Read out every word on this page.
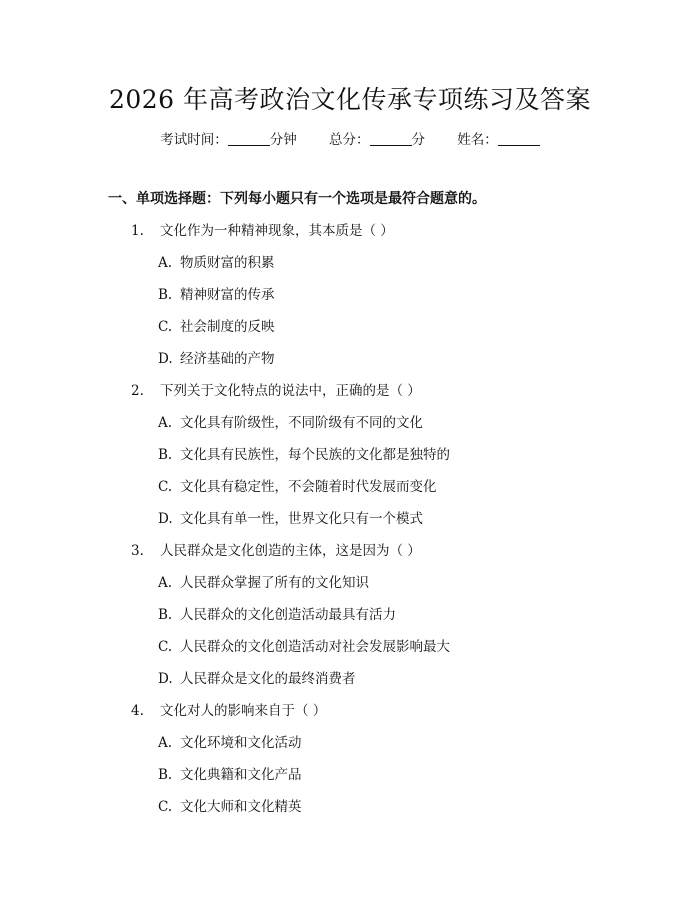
2026 年高考政治文化传承专项练习及答案
考试时间：	分钟 总分：	分 姓名：
一、单项选择题：下列每小题只有一个选项是最符合题意的。
1. 文化作为一种精神现象，其本质是（ ）
A. 物质财富的积累
B. 精神财富的传承
C. 社会制度的反映
D. 经济基础的产物
2. 下列关于文化特点的说法中，正确的是（ ）
A. 文化具有阶级性，不同阶级有不同的文化
B. 文化具有民族性，每个民族的文化都是独特的
C. 文化具有稳定性，不会随着时代发展而变化
D. 文化具有单一性，世界文化只有一个模式
3. 人民群众是文化创造的主体，这是因为（ ）
A. 人民群众掌握了所有的文化知识
B. 人民群众的文化创造活动最具有活力
C. 人民群众的文化创造活动对社会发展影响最大
D. 人民群众是文化的最终消费者
4. 文化对人的影响来自于（ ）
A. 文化环境和文化活动
B. 文化典籍和文化产品
C. 文化大师和文化精英
